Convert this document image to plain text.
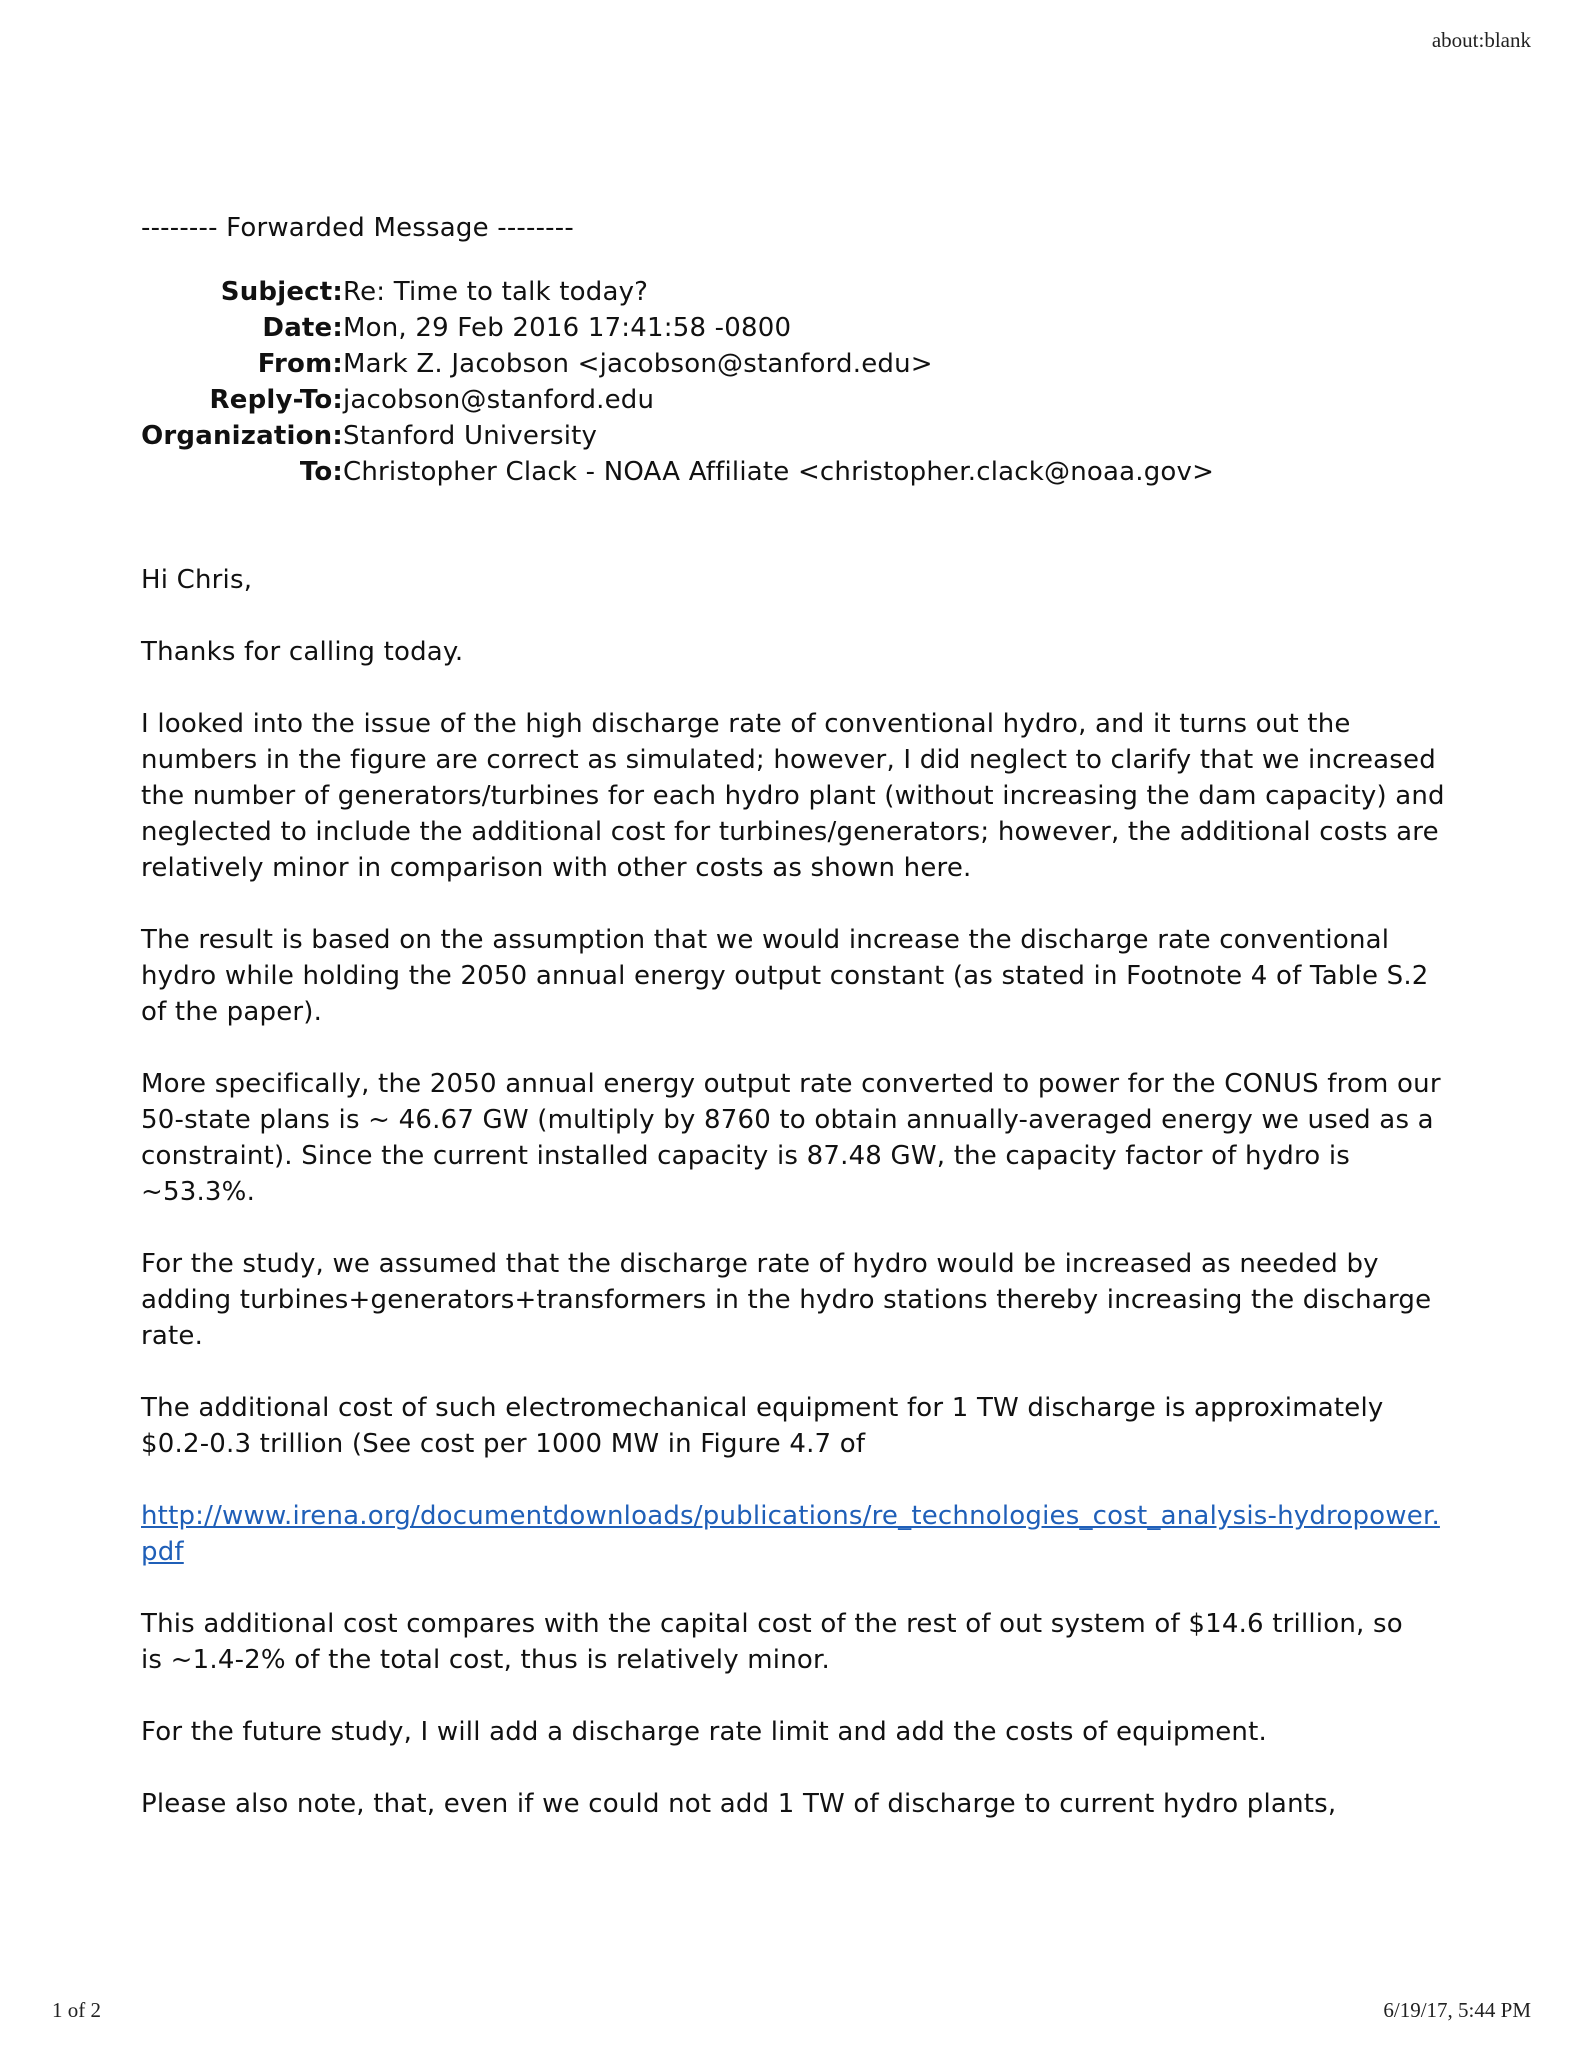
about:blank
-------- Forwarded Message --------
Subject: Re: Time to talk today?
Date: Mon, 29 Feb 2016 17:41:58 -0800
From: Mark Z. Jacobson <jacobson@stanford.edu>
Reply-To: jacobson@stanford.edu
Organization: Stanford University
To: Christopher Clack - NOAA Affiliate <christopher.clack@noaa.gov>

Hi Chris,

Thanks for calling today.

I looked into the issue of the high discharge rate of conventional hydro, and it turns out the numbers in the figure are correct as simulated; however, I did neglect to clarify that we increased the number of generators/turbines for each hydro plant (without increasing the dam capacity) and neglected to include the additional cost for turbines/generators; however, the additional costs are relatively minor in comparison with other costs as shown here.

The result is based on the assumption that we would increase the discharge rate conventional hydro while holding the 2050 annual energy output constant (as stated in Footnote 4 of Table S.2 of the paper).

More specifically, the 2050 annual energy output rate converted to power for the CONUS from our 50-state plans is ~ 46.67 GW (multiply by 8760 to obtain annually-averaged energy we used as a constraint). Since the current installed capacity is 87.48 GW, the capacity factor of hydro is ~53.3%.

For the study, we assumed that the discharge rate of hydro would be increased as needed by adding turbines+generators+transformers in the hydro stations thereby increasing the discharge rate.

The additional cost of such electromechanical equipment for 1 TW discharge is approximately $0.2-0.3 trillion (See cost per 1000 MW in Figure 4.7 of

http://www.irena.org/documentdownloads/publications/re_technologies_cost_analysis-hydropower.pdf

This additional cost compares with the capital cost of the rest of out system of $14.6 trillion, so
is ~1.4-2% of the total cost, thus is relatively minor.

For the future study, I will add a discharge rate limit and add the costs of equipment.

Please also note, that, even if we could not add 1 TW of discharge to current hydro plants,

1 of 2	6/19/17, 5:44 PM
